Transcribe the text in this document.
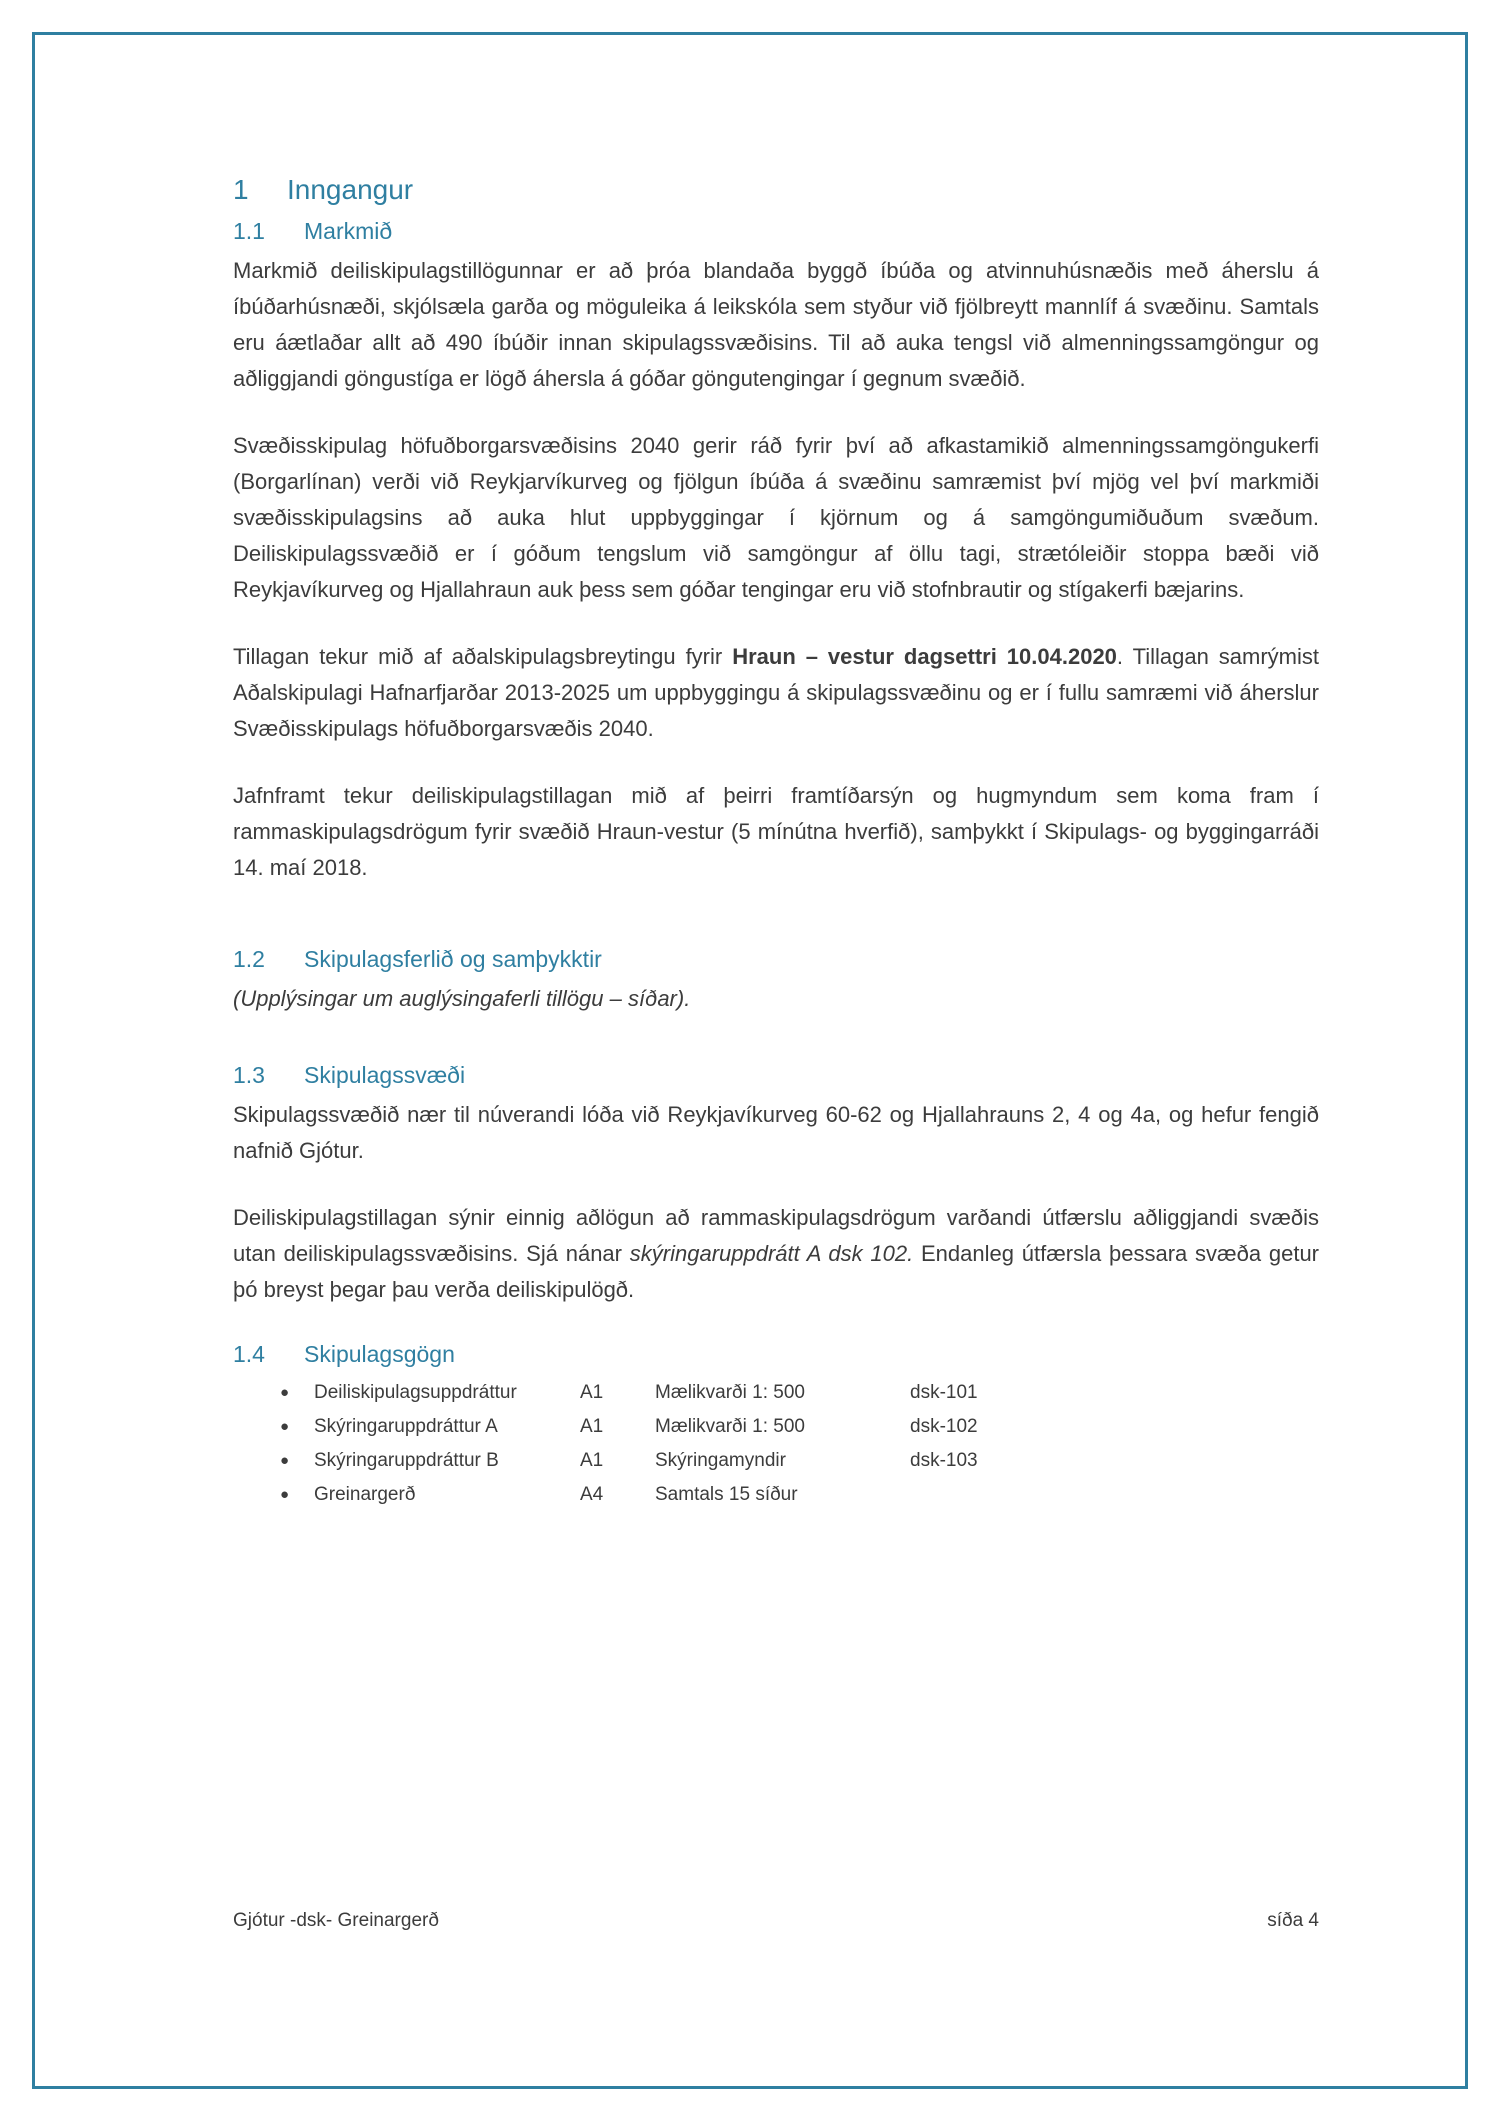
1 Inngangur
1.1 Markmið

Markmið deiliskipulagstillögunnar er að þróa blandaða byggð íbúða og atvinnuhúsnæðis með áherslu á íbúðarhúsnæði, skjólsæla garða og möguleika á leikskóla sem styður við fjölbreytt mannlíf á svæðinu. Samtals eru áætlaðar allt að 490 íbúðir innan skipulagssvæðisins. Til að auka tengsl við almenningssamgöngur og aðliggjandi göngustíga er lögð áhersla á góðar göngutengingar í gegnum svæðið.

Svæðisskipulag höfuðborgarsvæðisins 2040 gerir ráð fyrir því að afkastamikið almenningssamgöngukerfi (Borgarlínan) verði við Reykjarvíkurveg og fjölgun íbúða á svæðinu samræmist því mjög vel því markmiði svæðisskipulagsins að auka hlut uppbyggingar í kjörnum og á samgöngumiðuðum svæðum. Deiliskipulagssvæðið er í góðum tengslum við samgöngur af öllu tagi, strætóleiðir stoppa bæði við Reykjavíkurveg og Hjallahraun auk þess sem góðar tengingar eru við stofnbrautir og stígakerfi bæjarins.

Tillagan tekur mið af aðalskipulagsbreytingu fyrir Hraun – vestur dagsettri 10.04.2020. Tillagan samrýmist Aðalskipulagi Hafnarfjarðar 2013-2025 um uppbyggingu á skipulagssvæðinu og er í fullu samræmi við áherslur Svæðisskipulags höfuðborgarsvæðis 2040.

Jafnframt tekur deiliskipulagstillagan mið af þeirri framtíðarsýn og hugmyndum sem koma fram í rammaskipulagsdrögum fyrir svæðið Hraun-vestur (5 mínútna hverfið), samþykkt í Skipulags- og byggingarráði 14. maí 2018.

1.2 Skipulagsferlið og samþykktir

(Upplýsingar um auglýsingaferli tillögu – síðar).

1.3 Skipulagssvæði

Skipulagssvæðið nær til núverandi lóða við Reykjavíkurveg 60-62 og Hjallahrauns 2, 4 og 4a, og hefur fengið nafnið Gjótur.

Deiliskipulagstillagan sýnir einnig aðlögun að rammaskipulagsdrögum varðandi útfærslu aðliggjandi svæðis utan deiliskipulagssvæðisins. Sjá nánar skýringaruppdrátt A dsk 102. Endanleg útfærsla þessara svæða getur þó breyst þegar þau verða deiliskipulögð.

1.4 Skipulagsgögn
●	Deiliskipulagsuppdráttur	A1	Mælikvarði 1: 500	dsk-101
●	Skýringaruppdráttur A	A1	Mælikvarði 1: 500	dsk-102
●	Skýringaruppdráttur B	A1	Skýringamyndir	dsk-103
●	Greinargerð	A4	Samtals 15 síður
Gjótur -dsk- Greinargerð	síða 4
